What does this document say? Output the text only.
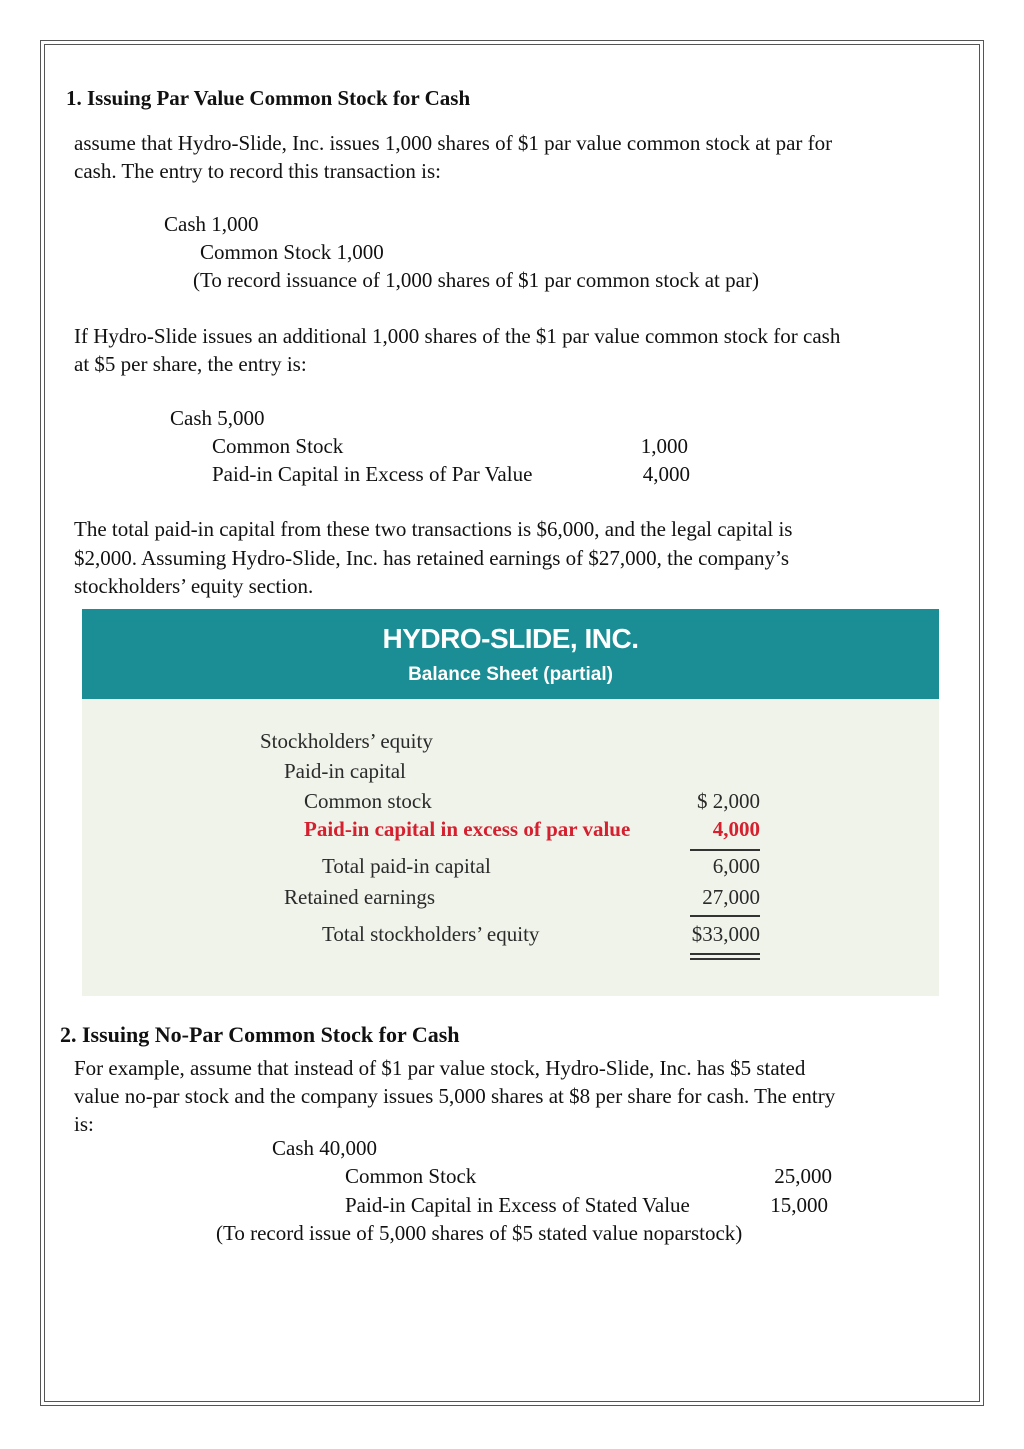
1. Issuing Par Value Common Stock for Cash
assume that Hydro-Slide, Inc. issues 1,000 shares of $1 par value common stock at par for
cash. The entry to record this transaction is:
Cash 1,000
Common Stock 1,000
(To record issuance of 1,000 shares of $1 par common stock at par)
If Hydro-Slide issues an additional 1,000 shares of the $1 par value common stock for cash
at $5 per share, the entry is:
Cash 5,000
Common Stock	1,000
Paid-in Capital in Excess of Par Value	4,000
The total paid-in capital from these two transactions is $6,000, and the legal capital is
$2,000. Assuming Hydro-Slide, Inc. has retained earnings of $27,000, the company’s
stockholders’ equity section.
HYDRO-SLIDE, INC.
Balance Sheet (partial)
Stockholders’ equity
Paid-in capital
Common stock	$ 2,000
Paid-in capital in excess of par value	4,000
Total paid-in capital	6,000
Retained earnings	27,000
Total stockholders’ equity	$33,000
2. Issuing No-Par Common Stock for Cash
For example, assume that instead of $1 par value stock, Hydro-Slide, Inc. has $5 stated
value no-par stock and the company issues 5,000 shares at $8 per share for cash. The entry
is:
Cash 40,000
Common Stock	25,000
Paid-in Capital in Excess of Stated Value	15,000
(To record issue of 5,000 shares of $5 stated value noparstock)
